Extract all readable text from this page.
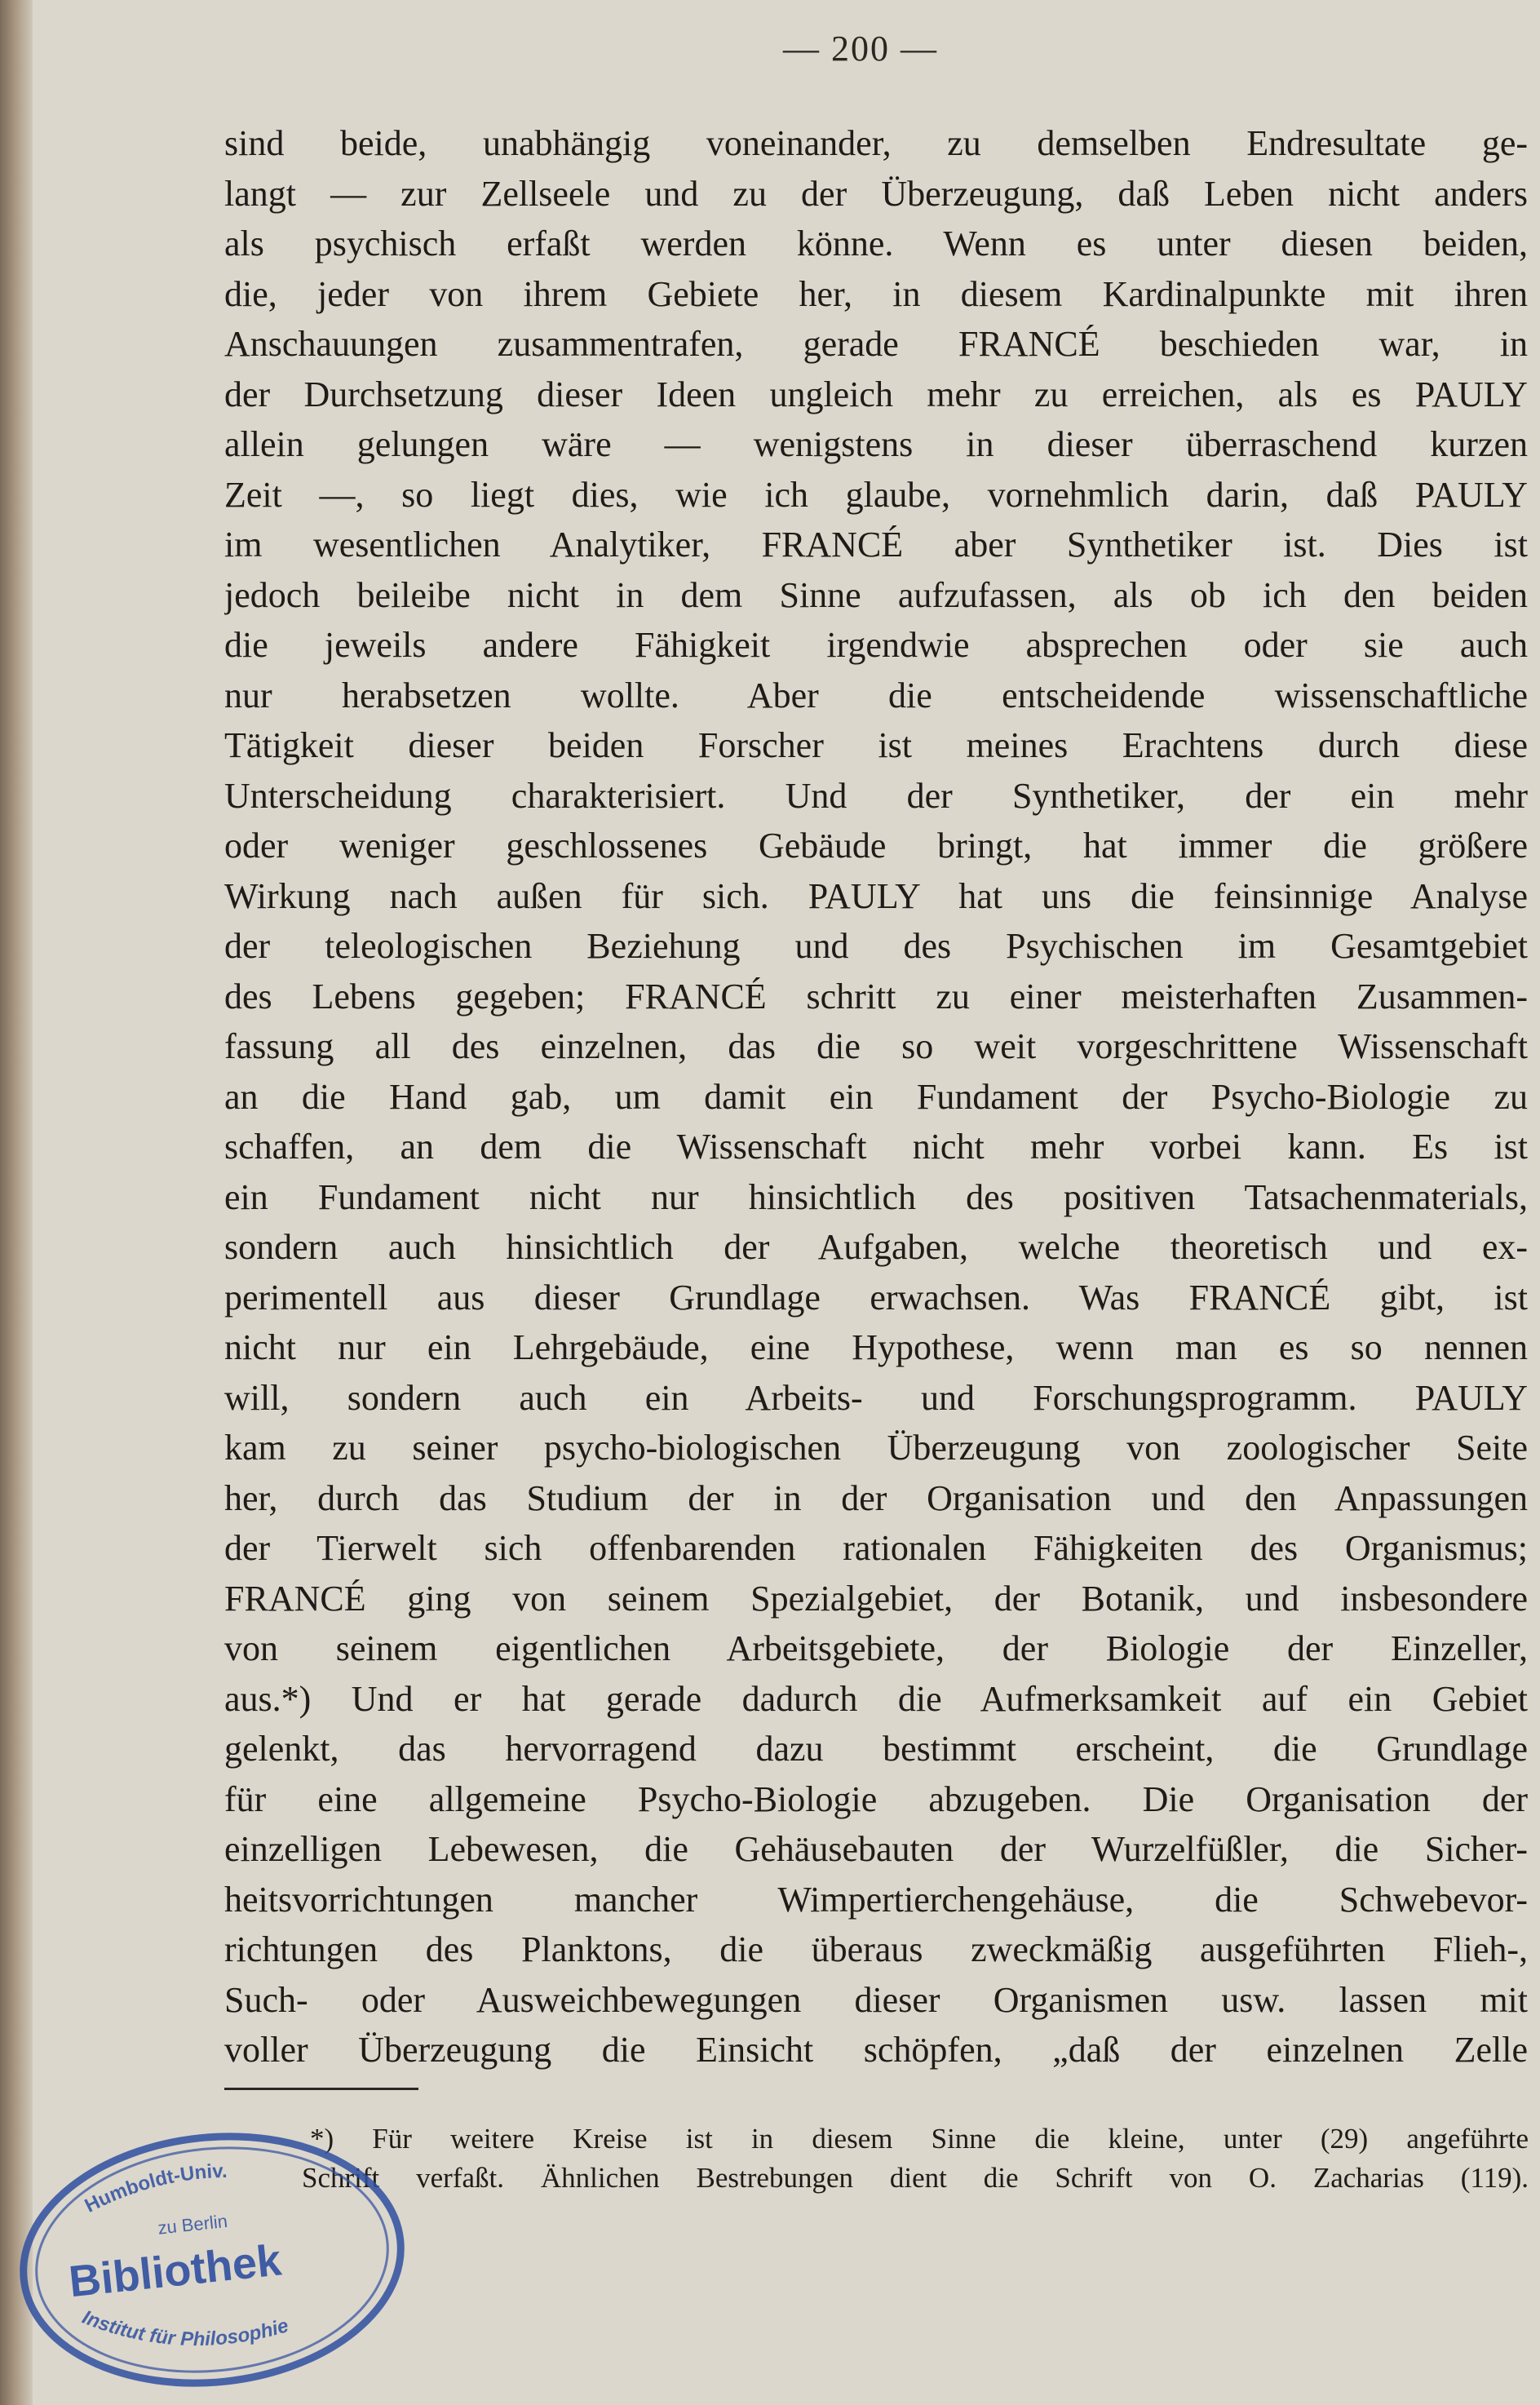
— 200 —
sind beide, unabhängig voneinander, zu demselben Endresultate ge-
langt — zur Zellseele und zu der Überzeugung, daß Leben nicht anders
als psychisch erfaßt werden könne. Wenn es unter diesen beiden,
die, jeder von ihrem Gebiete her, in diesem Kardinalpunkte mit ihren
Anschauungen zusammentrafen, gerade FRANCÉ beschieden war, in
der Durchsetzung dieser Ideen ungleich mehr zu erreichen, als es PAULY
allein gelungen wäre — wenigstens in dieser überraschend kurzen
Zeit —, so liegt dies, wie ich glaube, vornehmlich darin, daß PAULY
im wesentlichen Analytiker, FRANCÉ aber Synthetiker ist. Dies ist
jedoch beileibe nicht in dem Sinne aufzufassen, als ob ich den beiden
die jeweils andere Fähigkeit irgendwie absprechen oder sie auch
nur herabsetzen wollte. Aber die entscheidende wissenschaftliche
Tätigkeit dieser beiden Forscher ist meines Erachtens durch diese
Unterscheidung charakterisiert. Und der Synthetiker, der ein mehr
oder weniger geschlossenes Gebäude bringt, hat immer die größere
Wirkung nach außen für sich. PAULY hat uns die feinsinnige Analyse
der teleologischen Beziehung und des Psychischen im Gesamtgebiet
des Lebens gegeben; FRANCÉ schritt zu einer meisterhaften Zusammen-
fassung all des einzelnen, das die so weit vorgeschrittene Wissenschaft
an die Hand gab, um damit ein Fundament der Psycho-Biologie zu
schaffen, an dem die Wissenschaft nicht mehr vorbei kann. Es ist
ein Fundament nicht nur hinsichtlich des positiven Tatsachenmaterials,
sondern auch hinsichtlich der Aufgaben, welche theoretisch und ex-
perimentell aus dieser Grundlage erwachsen. Was FRANCÉ gibt, ist
nicht nur ein Lehrgebäude, eine Hypothese, wenn man es so nennen
will, sondern auch ein Arbeits- und Forschungsprogramm. PAULY
kam zu seiner psycho-biologischen Überzeugung von zoologischer Seite
her, durch das Studium der in der Organisation und den Anpassungen
der Tierwelt sich offenbarenden rationalen Fähigkeiten des Organismus;
FRANCÉ ging von seinem Spezialgebiet, der Botanik, und insbesondere
von seinem eigentlichen Arbeitsgebiete, der Biologie der Einzeller,
aus.*) Und er hat gerade dadurch die Aufmerksamkeit auf ein Gebiet
gelenkt, das hervorragend dazu bestimmt erscheint, die Grundlage
für eine allgemeine Psycho-Biologie abzugeben. Die Organisation der
einzelligen Lebewesen, die Gehäusebauten der Wurzelfüßler, die Sicher-
heitsvorrichtungen mancher Wimpertierchengehäuse, die Schwebevor-
richtungen des Planktons, die überaus zweckmäßig ausgeführten Flieh-,
Such- oder Ausweichbewegungen dieser Organismen usw. lassen mit
voller Überzeugung die Einsicht schöpfen, „daß der einzelnen Zelle
*) Für weitere Kreise ist in diesem Sinne die kleine, unter (29) angeführte
Schrift verfaßt. Ähnlichen Bestrebungen dient die Schrift von O. Zacharias (119).
Humboldt-Univ.
zu Berlin
Bibliothek
Institut für Philosophie
